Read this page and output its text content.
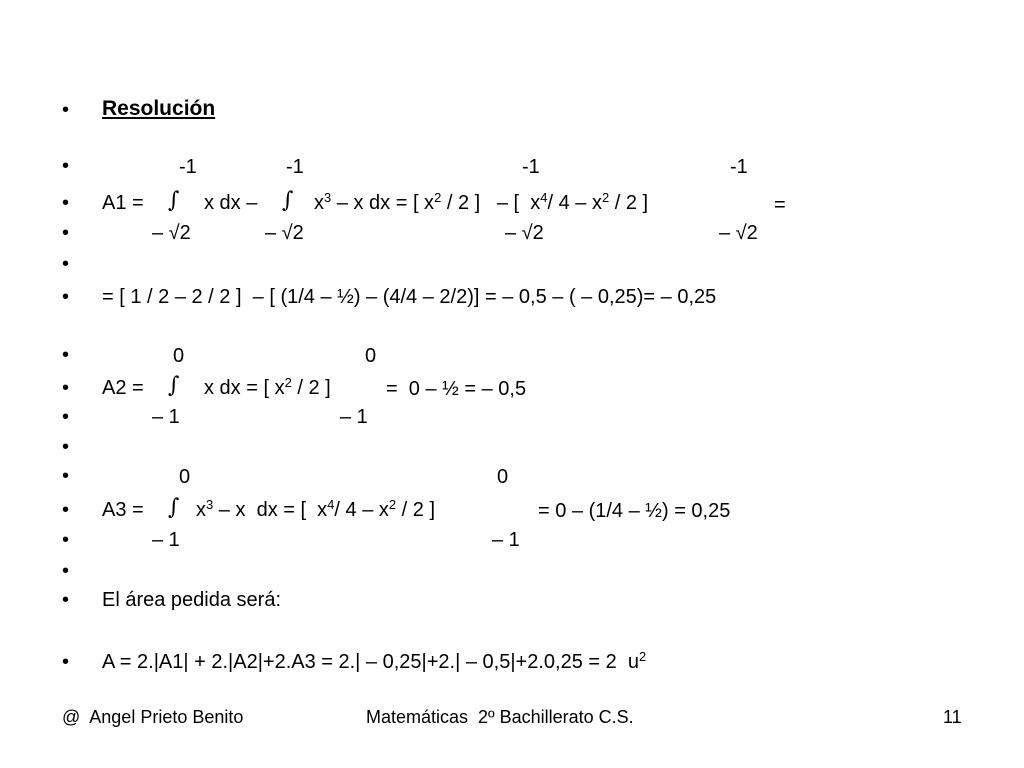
•
•
•
•
•
•
•
•
•
•
•
•
•
•
•
•
Resolución
-1	-1	-1	-1
A1 = ∫ x dx – ∫ $x^3$ – x dx = [ $x^2 / 2$ ]   – [  $x^4/$ $4 - x^2 / 2$ ]	=
– √2	– √2	– √2	– √2
= [ 1 / 2 – 2 / 2 ]  – [ (1/4 – ½) – (4/4 – 2/2)] = – 0,5 – ( – 0,25)= – 0,25
0	0
A2 = ∫ x dx = [ $x^2 / 2$ ]	=  0 – ½ = – 0,5
– 1	– 1
0	0
A3 = ∫ $x^3$ – x  dx = [  $x^4/$ $4 - x^2 / 2$ ]	= 0 – (1/4 – ½) = 0,25
– 1	– 1
El área pedida será:
A = 2.|A1| + 2.|A2|+2.A3 = 2.| – 0,25|+2.| – 0,5|+2.0,25 = 2  $u^2$
@  Angel Prieto Benito	Matemáticas  2º Bachillerato C.S.	11
